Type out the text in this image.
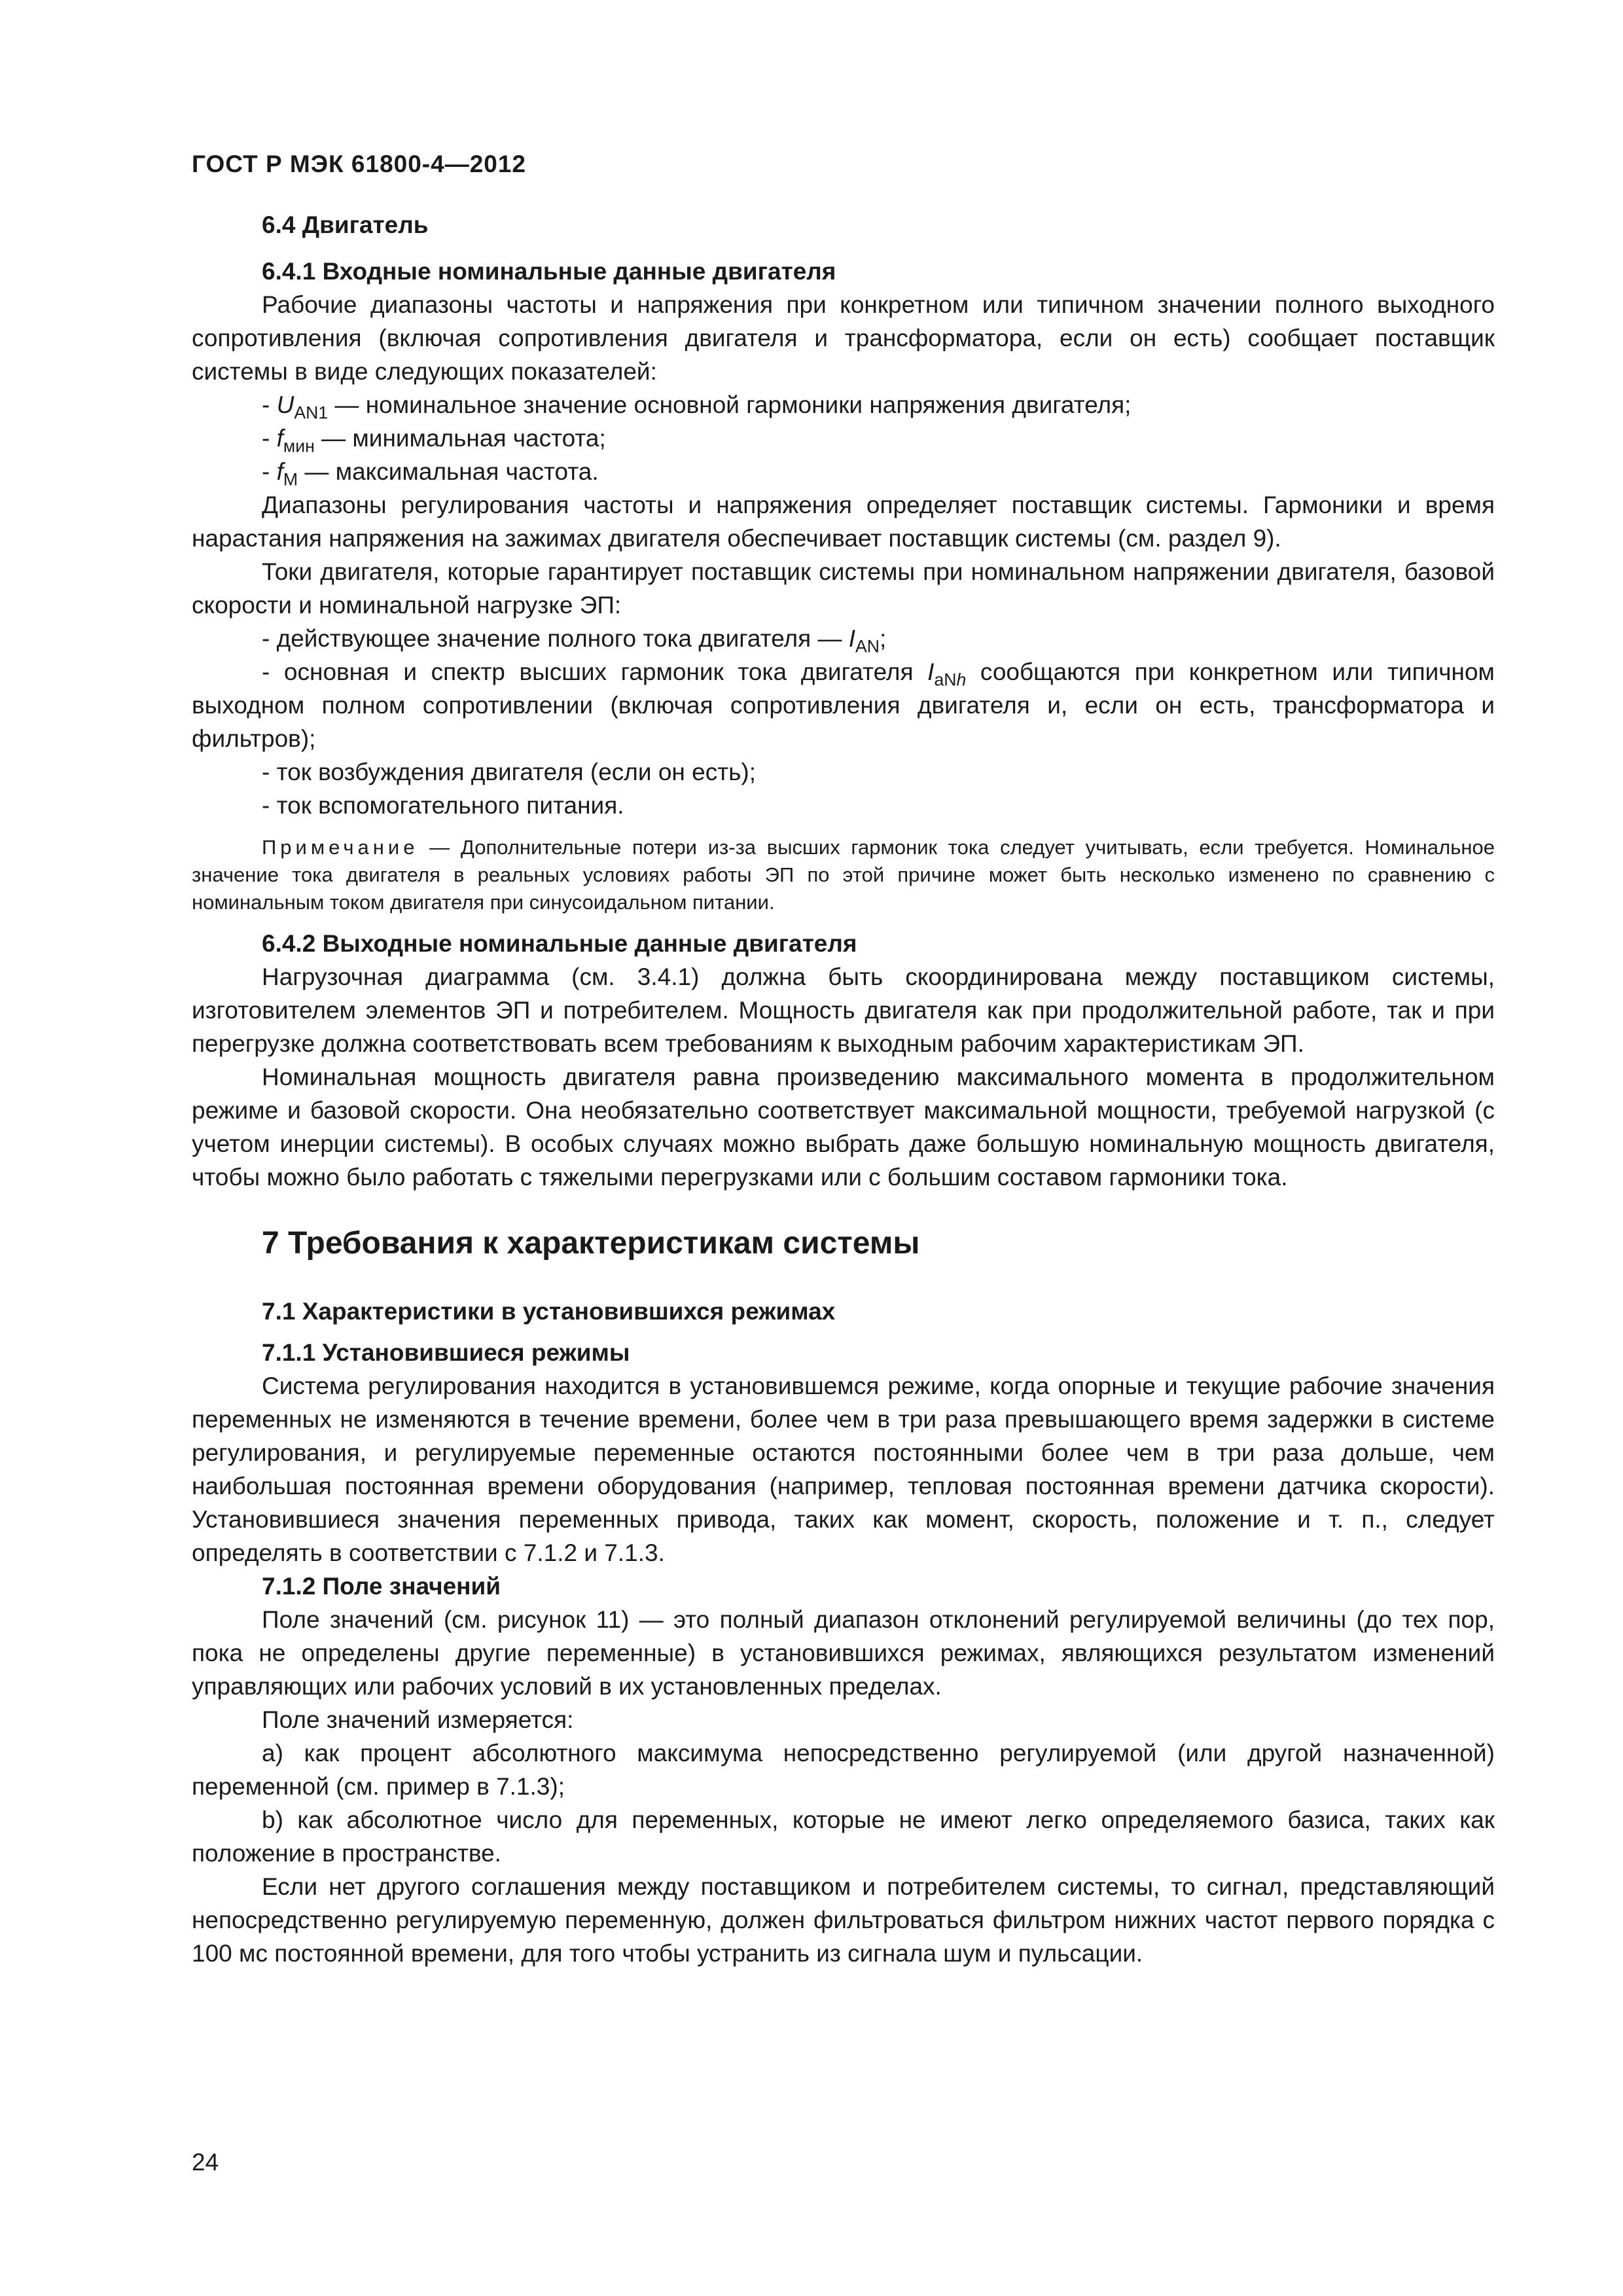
ГОСТ Р МЭК 61800-4—2012

6.4 Двигатель

6.4.1 Входные номинальные данные двигателя

Рабочие диапазоны частоты и напряжения при конкретном или типичном значении полного выходного сопротивления (включая сопротивления двигателя и трансформатора, если он есть) сообщает поставщик системы в виде следующих показателей:

- $U_{AN1}$ — номинальное значение основной гармоники напряжения двигателя;

- $f_{мин}$ — минимальная частота;

- $f_M$ — максимальная частота.

Диапазоны регулирования частоты и напряжения определяет поставщик системы. Гармоники и время нарастания напряжения на зажимах двигателя обеспечивает поставщик системы (см. раздел 9).

Токи двигателя, которые гарантирует поставщик системы при номинальном напряжении двигателя, базовой скорости и номинальной нагрузке ЭП:

- действующее значение полного тока двигателя — $I_{AN}$;

- основная и спектр высших гармоник тока двигателя $I_{aNh}$ сообщаются при конкретном или типичном выходном полном сопротивлении (включая сопротивления двигателя и, если он есть, трансформатора и фильтров);

- ток возбуждения двигателя (если он есть);

- ток вспомогательного питания.

Примечание — Дополнительные потери из-за высших гармоник тока следует учитывать, если требуется. Номинальное значение тока двигателя в реальных условиях работы ЭП по этой причине может быть несколько изменено по сравнению с номинальным током двигателя при синусоидальном питании.

6.4.2 Выходные номинальные данные двигателя

Нагрузочная диаграмма (см. 3.4.1) должна быть скоординирована между поставщиком системы, изготовителем элементов ЭП и потребителем. Мощность двигателя как при продолжительной работе, так и при перегрузке должна соответствовать всем требованиям к выходным рабочим характеристикам ЭП.

Номинальная мощность двигателя равна произведению максимального момента в продолжительном режиме и базовой скорости. Она необязательно соответствует максимальной мощности, требуемой нагрузкой (с учетом инерции системы). В особых случаях можно выбрать даже большую номинальную мощность двигателя, чтобы можно было работать с тяжелыми перегрузками или с большим составом гармоники тока.

7 Требования к характеристикам системы

7.1 Характеристики в установившихся режимах

7.1.1 Установившиеся режимы

Система регулирования находится в установившемся режиме, когда опорные и текущие рабочие значения переменных не изменяются в течение времени, более чем в три раза превышающего время задержки в системе регулирования, и регулируемые переменные остаются постоянными более чем в три раза дольше, чем наибольшая постоянная времени оборудования (например, тепловая постоянная времени датчика скорости). Установившиеся значения переменных привода, таких как момент, скорость, положение и т. п., следует определять в соответствии с 7.1.2 и 7.1.3.

7.1.2 Поле значений

Поле значений (см. рисунок 11) — это полный диапазон отклонений регулируемой величины (до тех пор, пока не определены другие переменные) в установившихся режимах, являющихся результатом изменений управляющих или рабочих условий в их установленных пределах.

Поле значений измеряется:

a) как процент абсолютного максимума непосредственно регулируемой (или другой назначенной) переменной (см. пример в 7.1.3);

b) как абсолютное число для переменных, которые не имеют легко определяемого базиса, таких как положение в пространстве.

Если нет другого соглашения между поставщиком и потребителем системы, то сигнал, представляющий непосредственно регулируемую переменную, должен фильтроваться фильтром нижних частот первого порядка с 100 мс постоянной времени, для того чтобы устранить из сигнала шум и пульсации.

24
